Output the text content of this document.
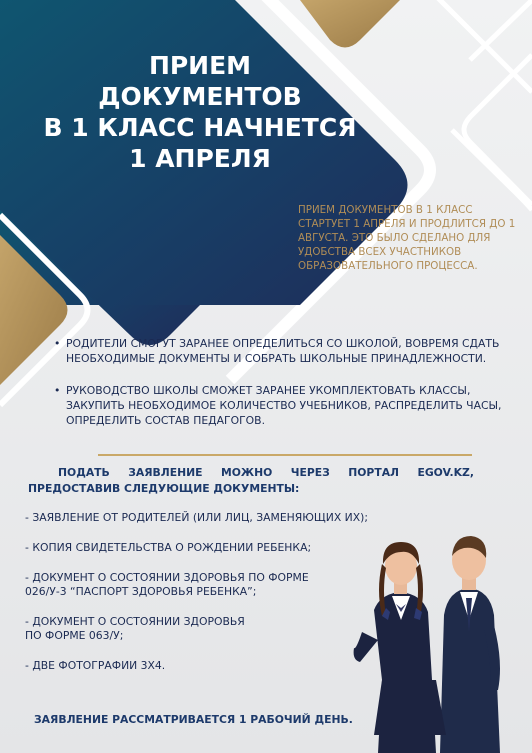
ПРИЕМ
ДОКУМЕНТОВ
В 1 КЛАСС НАЧНЕТСЯ
1 АПРЕЛЯ

ПРИЕМ ДОКУМЕНТОВ В 1 КЛАСС СТАРТУЕТ 1 АПРЕЛЯ И ПРОДЛИТСЯ ДО 1 АВГУСТА. ЭТО БЫЛО СДЕЛАНО ДЛЯ УДОБСТВА ВСЕХ УЧАСТНИКОВ ОБРАЗОВАТЕЛЬНОГО ПРОЦЕССА.

• РОДИТЕЛИ СМОГУТ ЗАРАНЕЕ ОПРЕДЕЛИТЬСЯ СО ШКОЛОЙ, ВОВРЕМЯ СДАТЬ НЕОБХОДИМЫЕ ДОКУМЕНТЫ И СОБРАТЬ ШКОЛЬНЫЕ ПРИНАДЛЕЖНОСТИ.
• РУКОВОДСТВО ШКОЛЫ СМОЖЕТ ЗАРАНЕЕ УКОМПЛЕКТОВАТЬ КЛАССЫ, ЗАКУПИТЬ НЕОБХОДИМОЕ КОЛИЧЕСТВО УЧЕБНИКОВ, РАСПРЕДЕЛИТЬ ЧАСЫ, ОПРЕДЕЛИТЬ СОСТАВ ПЕДАГОГОВ.
ПОДАТЬ ЗАЯВЛЕНИЕ МОЖНО ЧЕРЕЗ ПОРТАЛ EGOV.KZ,
ПРЕДОСТАВИВ СЛЕДУЮЩИЕ ДОКУМЕНТЫ:
- ЗАЯВЛЕНИЕ ОТ РОДИТЕЛЕЙ (ИЛИ ЛИЦ, ЗАМЕНЯЮЩИХ ИХ);
- КОПИЯ СВИДЕТЕЛЬСТВА О РОЖДЕНИИ РЕБЕНКА;
- ДОКУМЕНТ О СОСТОЯНИИ ЗДОРОВЬЯ ПО ФОРМЕ
026/У-3 “ПАСПОРТ ЗДОРОВЬЯ РЕБЕНКА”;
- ДОКУМЕНТ О СОСТОЯНИИ ЗДОРОВЬЯ
ПО ФОРМЕ 063/У;
- ДВЕ ФОТОГРАФИИ 3Х4.

ЗАЯВЛЕНИЕ РАССМАТРИВАЕТСЯ 1 РАБОЧИЙ ДЕНЬ.
